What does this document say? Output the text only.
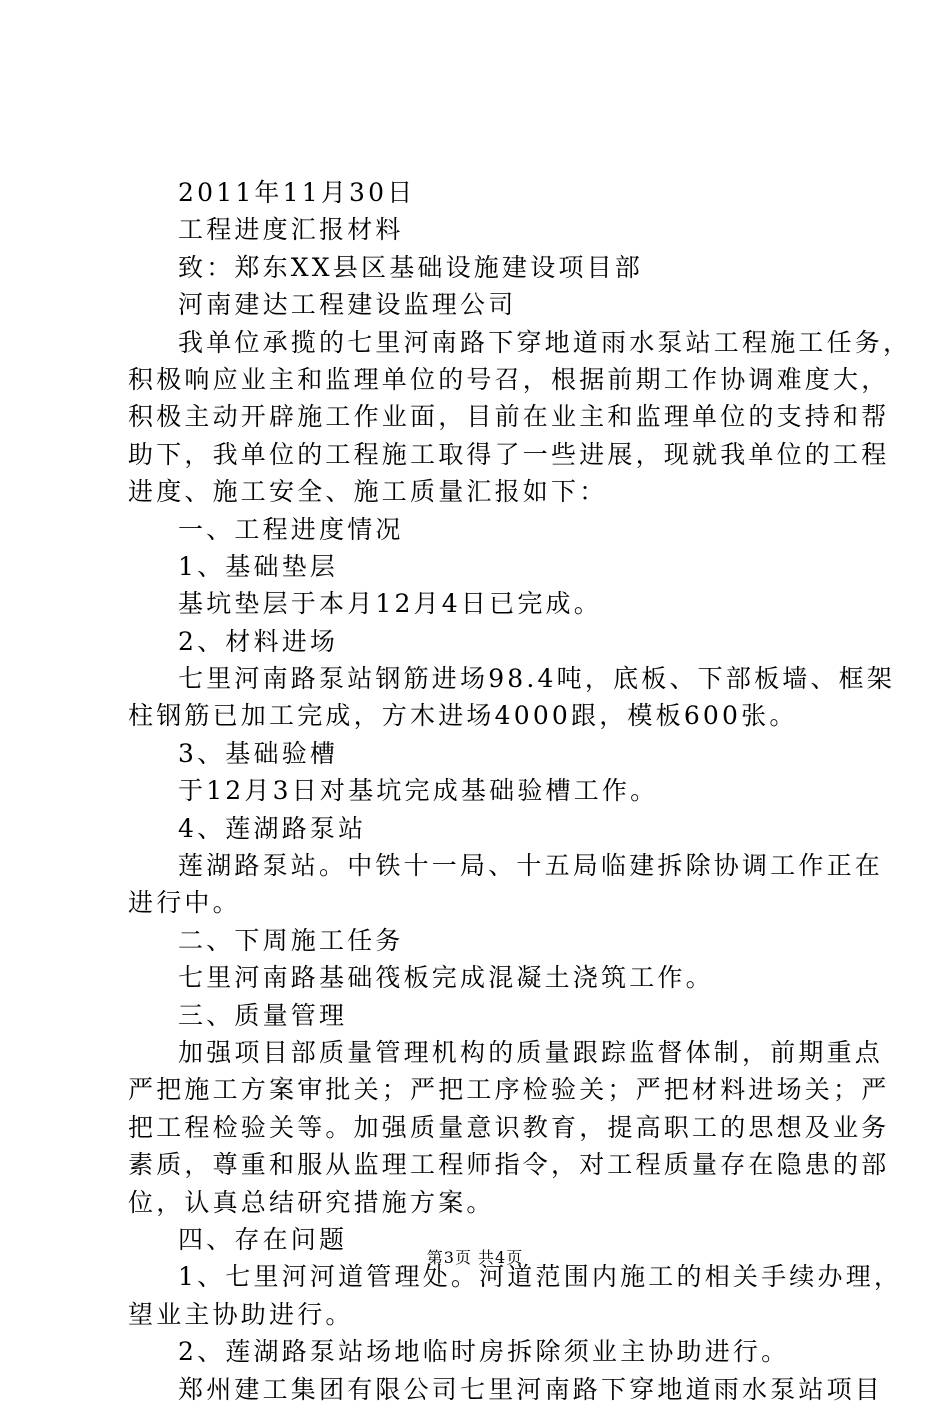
2011年11月30日
工程进度汇报材料
致：郑东XX县区基础设施建设项目部
河南建达工程建设监理公司
我单位承揽的七里河南路下穿地道雨水泵站工程施工任务，
积极响应业主和监理单位的号召，根据前期工作协调难度大，
积极主动开辟施工作业面，目前在业主和监理单位的支持和帮
助下，我单位的工程施工取得了一些进展，现就我单位的工程
进度、施工安全、施工质量汇报如下：
一、工程进度情况
1、基础垫层
基坑垫层于本月12月4日已完成。
2、材料进场
七里河南路泵站钢筋进场98.4吨，底板、下部板墙、框架
柱钢筋已加工完成，方木进场4000跟，模板600张。
3、基础验槽
于12月3日对基坑完成基础验槽工作。
4、莲湖路泵站
莲湖路泵站。中铁十一局、十五局临建拆除协调工作正在
进行中。
二、下周施工任务
七里河南路基础筏板完成混凝土浇筑工作。
三、质量管理
加强项目部质量管理机构的质量跟踪监督体制，前期重点
严把施工方案审批关；严把工序检验关；严把材料进场关；严
把工程检验关等。加强质量意识教育，提高职工的思想及业务
素质，尊重和服从监理工程师指令，对工程质量存在隐患的部
位，认真总结研究措施方案。
四、存在问题
1、七里河河道管理处。河道范围内施工的相关手续办理，
望业主协助进行。
2、莲湖路泵站场地临时房拆除须业主协助进行。
郑州建工集团有限公司七里河南路下穿地道雨水泵站项目
第3页 共4页
